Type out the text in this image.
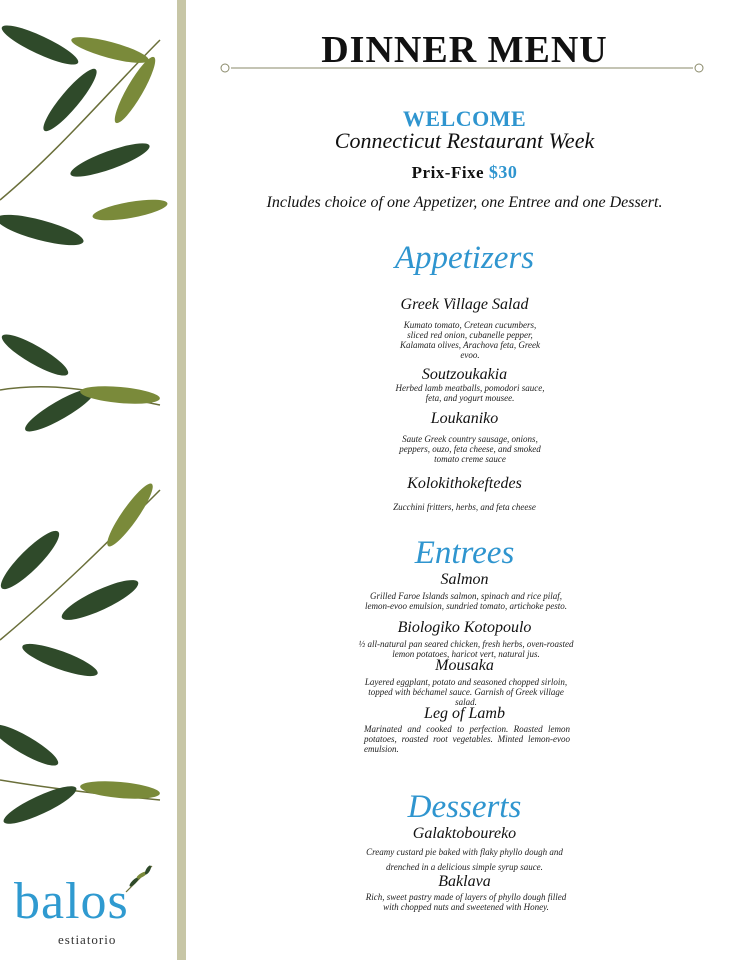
balos
estiatorio
DINNER MENU
WELCOME
Connecticut Restaurant Week
Prix-Fixe $30
Includes choice of one Appetizer, one Entree and one Dessert.
Appetizers
Greek Village Salad
Kumato tomato, Cretean cucumbers, sliced red onion, cubanelle pepper, Kalamata olives, Arachova feta, Greek evoo.
Soutzoukakia
Herbed lamb meatballs, pomodori sauce, feta, and yogurt mousee.
Loukaniko
Saute Greek country sausage, onions, peppers, ouzo, feta cheese, and smoked tomato creme sauce
Kolokithokeftedes
Zucchini fritters, herbs, and feta cheese
Entrees
Salmon
Grilled Faroe Islands salmon, spinach and rice pilaf, lemon-evoo emulsion, sundried tomato, artichoke pesto.
Biologiko Kotopoulo
½ all-natural pan seared chicken, fresh herbs, oven-roasted lemon potatoes, haricot vert, natural jus.
Mousaka
Layered eggplant, potato and seasoned chopped sirloin, topped with béchamel sauce. Garnish of Greek village salad.
Leg of Lamb
Marinated and cooked to perfection. Roasted lemon potatoes, roasted root vegetables. Minted lemon-evoo emulsion.
Desserts
Galaktoboureko
Creamy custard pie baked with flaky phyllo dough and
drenched in a delicious simple syrup sauce.
Baklava
Rich, sweet pastry made of layers of phyllo dough filled with chopped nuts and sweetened with Honey.
